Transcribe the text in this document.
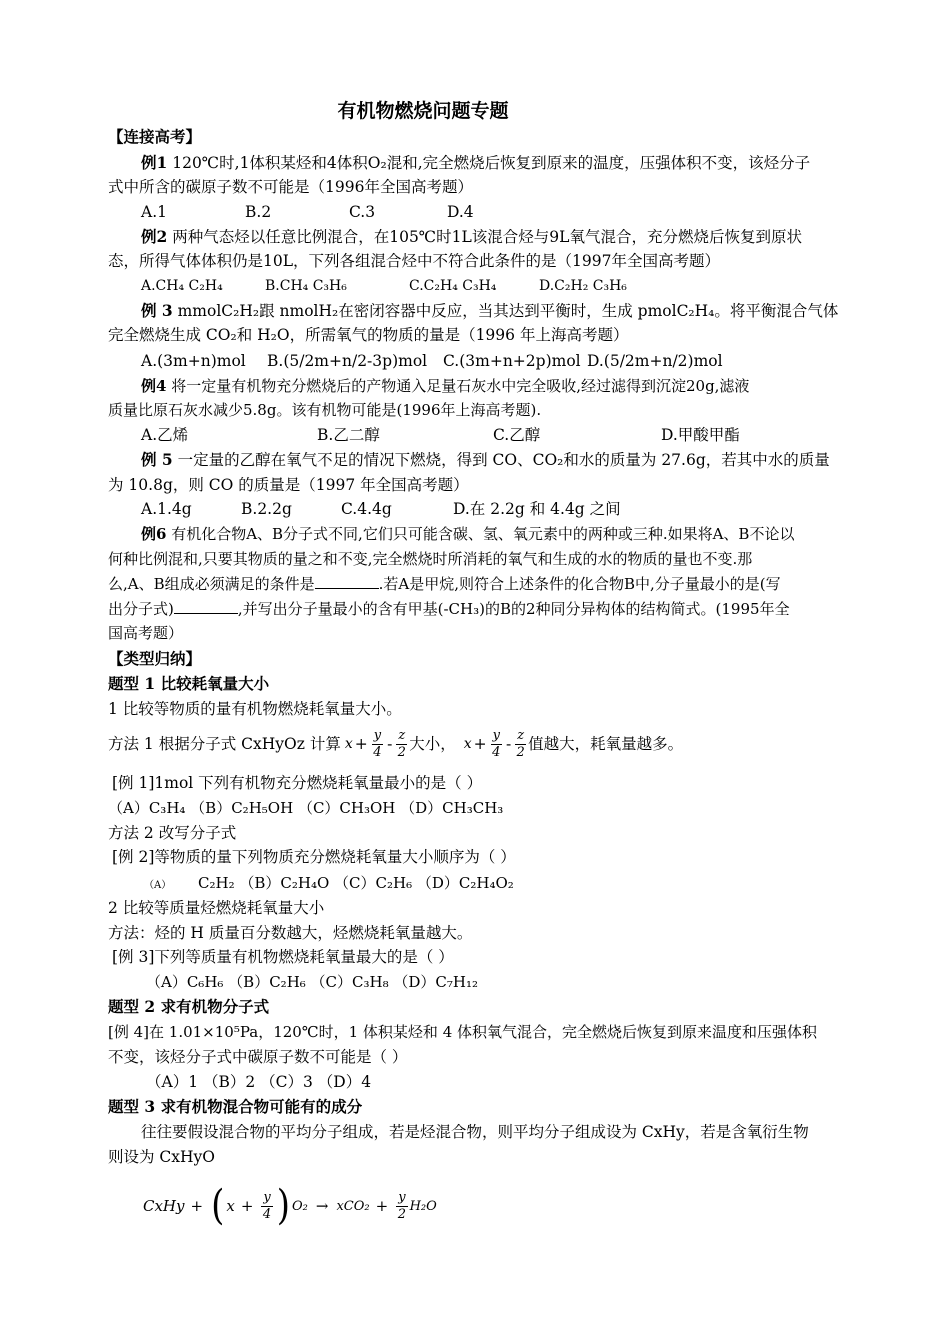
有机物燃烧问题专题
【连接高考】
例1 120℃时,1体积某烃和4体积O₂混和,完全燃烧后恢复到原来的温度，压强体积不变，该烃分子
式中所含的碳原子数不可能是（1996年全国高考题）
A.1	B.2	C.3	D.4
例2 两种气态烃以任意比例混合，在105℃时1L该混合烃与9L氧气混合，充分燃烧后恢复到原状
态，所得气体体积仍是10L，下列各组混合烃中不符合此条件的是（1997年全国高考题）
A.CH₄ C₂H₄	B.CH₄ C₃H₆	C.C₂H₄ C₃H₄	D.C₂H₂ C₃H₆
例 3 mmolC₂H₂跟 nmolH₂在密闭容器中反应，当其达到平衡时，生成 pmolC₂H₄。将平衡混合气体
完全燃烧生成 CO₂和 H₂O，所需氧气的物质的量是（1996 年上海高考题）
A.(3m+n)mol B.(5/2m+n/2-3p)mol C.(3m+n+2p)mol D.(5/2m+n/2)mol
例4 将一定量有机物充分燃烧后的产物通入足量石灰水中完全吸收,经过滤得到沉淀20g,滤液
质量比原石灰水减少5.8g。该有机物可能是(1996年上海高考题).
A.乙烯	B.乙二醇	C.乙醇	D.甲酸甲酯
例 5 一定量的乙醇在氧气不足的情况下燃烧，得到 CO、CO₂和水的质量为 27.6g，若其中水的质量
为 10.8g，则 CO 的质量是（1997 年全国高考题）
A.1.4g	B.2.2g	C.4.4g	D.在 2.2g 和 4.4g 之间
例6 有机化合物A、B分子式不同,它们只可能含碳、氢、氧元素中的两种或三种.如果将A、B不论以
何种比例混和,只要其物质的量之和不变,完全燃烧时所消耗的氧气和生成的水的物质的量也不变.那
么,A、B组成必须满足的条件是	.若A是甲烷,则符合上述条件的化合物B中,分子量最小的是(写
出分子式)	,并写出分子量最小的含有甲基(-CH₃)的B的2种同分异构体的结构简式。(1995年全
国高考题）
【类型归纳】
题型 1 比较耗氧量大小
1 比较等物质的量有机物燃烧耗氧量大小。
方法 1 根据分子式 CxHyOz 计算 $x + \frac{y}{4} - \frac{z}{2}$ 大小， $x + \frac{y}{4} - \frac{z}{2}$ 值越大，耗氧量越多。
[例 1]1mol 下列有机物充分燃烧耗氧量最小的是（ ）
（A）C₃H₄ （B）C₂H₅OH （C）CH₃OH （D）CH₃CH₃
方法 2 改写分子式
[例 2]等物质的量下列物质充分燃烧耗氧量大小顺序为（ ）
（A） C₂H₂ （B）C₂H₄O （C）C₂H₆ （D）C₂H₄O₂
2 比较等质量烃燃烧耗氧量大小
方法：烃的 H 质量百分数越大，烃燃烧耗氧量越大。
[例 3]下列等质量有机物燃烧耗氧量最大的是（ ）
（A）C₆H₆ （B）C₂H₆ （C）C₃H₈ （D）C₇H₁₂
题型 2 求有机物分子式
[例 4]在 1.01×10⁵Pa，120℃时，1 体积某烃和 4 体积氧气混合，完全燃烧后恢复到原来温度和压强体积
不变，该烃分子式中碳原子数不可能是（ ）
（A）1 （B）2 （C）3 （D）4
题型 3 求有机物混合物可能有的成分
往往要假设混合物的平均分子组成，若是烃混合物，则平均分子组成设为 CxHy，若是含氧衍生物
则设为 CxHyO
CxHy + ( $x + \frac{y}{4}$ ) $O_2 \to xCO_2 + \frac{y}{2} H_2O$
